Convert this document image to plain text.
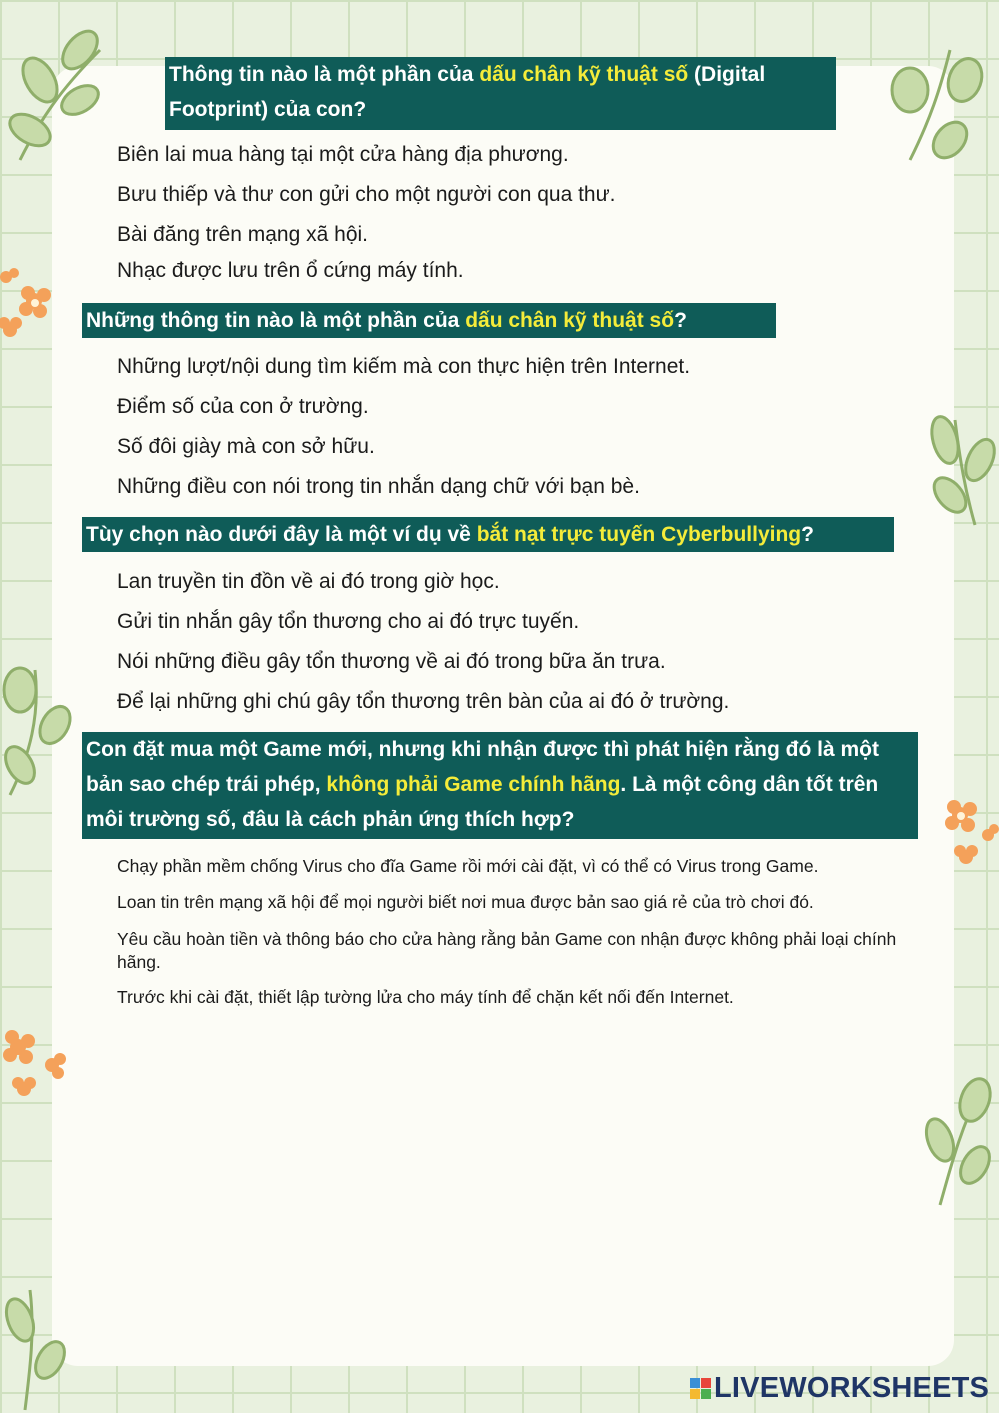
Thông tin nào là một phần của dấu chân kỹ thuật số (Digital Footprint) của con?
Biên lai mua hàng tại một cửa hàng địa phương.
Bưu thiếp và thư con gửi cho một người con qua thư.
Bài đăng trên mạng xã hội.
Nhạc được lưu trên ổ cứng máy tính.
Những thông tin nào là một phần của dấu chân kỹ thuật số?
Những lượt/nội dung tìm kiếm mà con thực hiện trên Internet.
Điểm số của con ở trường.
Số đôi giày mà con sở hữu.
Những điều con nói trong tin nhắn dạng chữ với bạn bè.
Tùy chọn nào dưới đây là một ví dụ về bắt nạt trực tuyến Cyberbullying?
Lan truyền tin đồn về ai đó trong giờ học.
Gửi tin nhắn gây tổn thương cho ai đó trực tuyến.
Nói những điều gây tổn thương về ai đó trong bữa ăn trưa.
Để lại những ghi chú gây tổn thương trên bàn của ai đó ở trường.
Con đặt mua một Game mới, nhưng khi nhận được thì phát hiện rằng đó là một bản sao chép trái phép, không phải Game chính hãng. Là một công dân tốt trên môi trường số, đâu là cách phản ứng thích hợp?
Chạy phần mềm chống Virus cho đĩa Game rồi mới cài đặt, vì có thể có Virus trong Game.
Loan tin trên mạng xã hội để mọi người biết nơi mua được bản sao giá rẻ của trò chơi đó.
Yêu cầu hoàn tiền và thông báo cho cửa hàng rằng bản Game con nhận được không phải loại chính hãng.
Trước khi cài đặt, thiết lập tường lửa cho máy tính để chặn kết nối đến Internet.
LIVEWORKSHEETS
